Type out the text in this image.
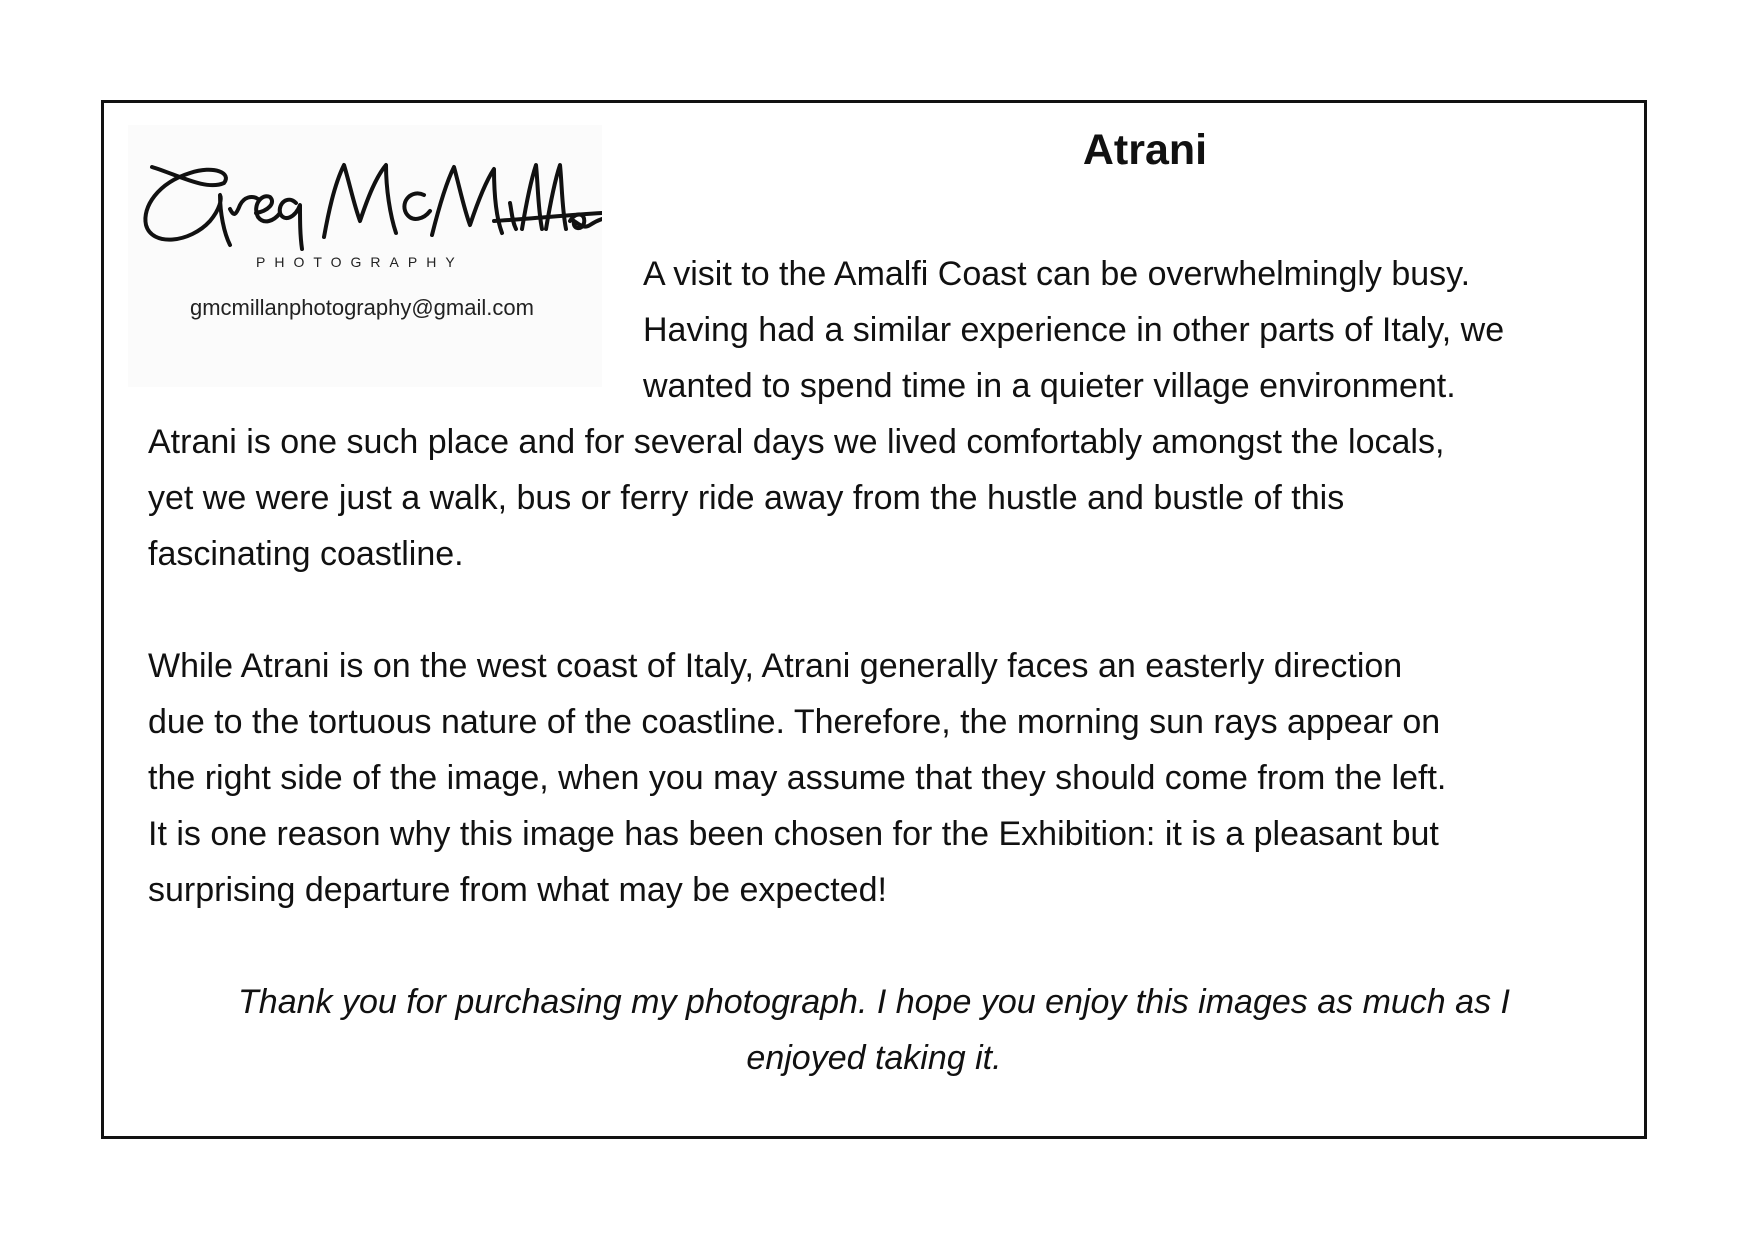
PHOTOGRAPHY
gmcmillanphotography@gmail.com
Atrani
A visit to the Amalfi Coast can be overwhelmingly busy.
Having had a similar experience in other parts of Italy, we
wanted to spend time in a quieter village environment.
Atrani is one such place and for several days we lived comfortably amongst the locals,
yet we were just a walk, bus or ferry ride away from the hustle and bustle of this
fascinating coastline.
While Atrani is on the west coast of Italy, Atrani generally faces an easterly direction
due to the tortuous nature of the coastline. Therefore, the morning sun rays appear on
the right side of the image, when you may assume that they should come from the left.
It is one reason why this image has been chosen for the Exhibition: it is a pleasant but
surprising departure from what may be expected!
Thank you for purchasing my photograph. I hope you enjoy this images as much as I
enjoyed taking it.
